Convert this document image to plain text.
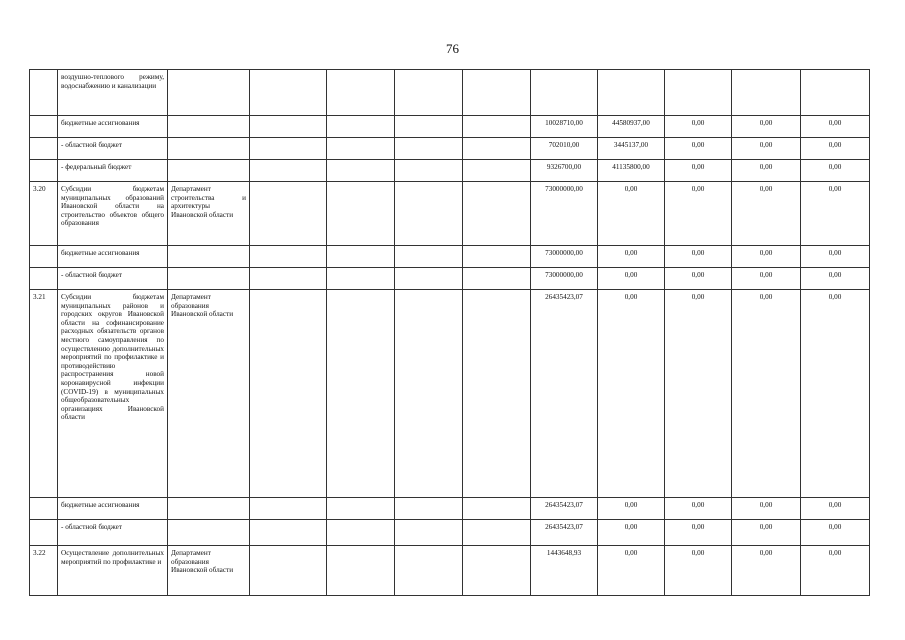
76
	воздушно-теплового режиму, водоснабжению и канализации										
	бюджетные ассигнования						10028710,00	44580937,00	0,00	0,00	0,00
	- областной бюджет						702010,00	3445137,00	0,00	0,00	0,00
	- федеральный бюджет						9326700,00	41135800,00	0,00	0,00	0,00
3.20	Субсидии бюджетам муниципальных образований Ивановской области на строительство объектов общего образования	Департамент строительства и архитектуры Ивановской области					73000000,00	0,00	0,00	0,00	0,00
	бюджетные ассигнования						73000000,00	0,00	0,00	0,00	0,00
	- областной бюджет						73000000,00	0,00	0,00	0,00	0,00
3.21	Субсидии бюджетам муниципальных районов и городских округов Ивановской области на софинансирование расходных обязательств органов местного самоуправления по осуществлению дополнительных мероприятий по профилактике и противодействию распространения новой коронавирусной инфекции (COVID-19) в муниципальных общеобразовательных организациях Ивановской области	Департамент образования Ивановской области					26435423,07	0,00	0,00	0,00	0,00
	бюджетные ассигнования						26435423,07	0,00	0,00	0,00	0,00
	- областной бюджет						26435423,07	0,00	0,00	0,00	0,00
3.22	Осуществление дополнительных мероприятий по профилактике и	Департамент образования Ивановской области					1443648,93	0,00	0,00	0,00	0,00
